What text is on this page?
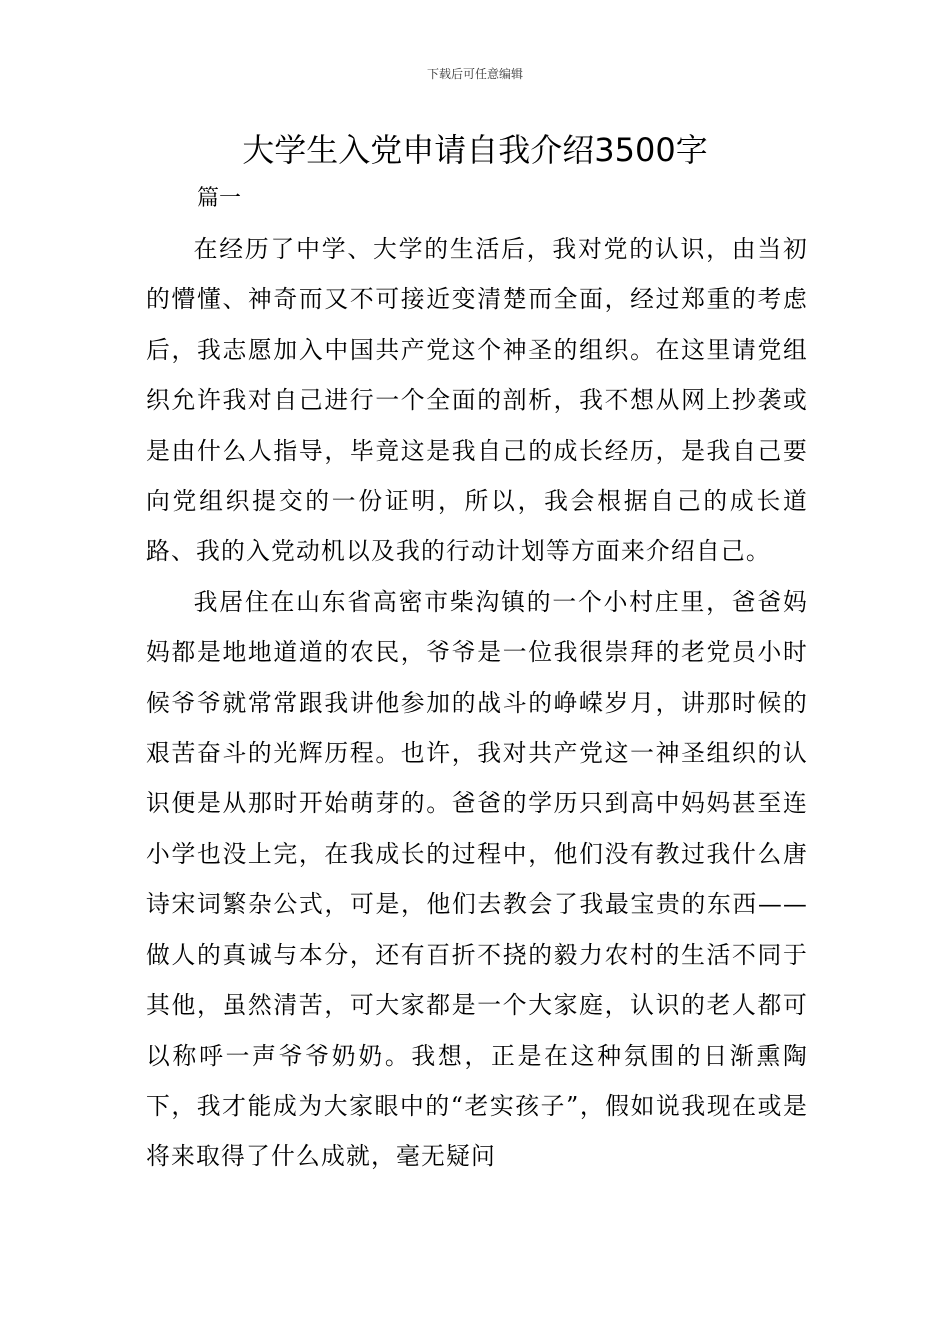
下载后可任意编辑
大学生入党申请自我介绍3500字
篇一

在经历了中学、大学的生活后，我对党的认识，由当初的懵懂、神奇而又不可接近变清楚而全面，经过郑重的考虑后，我志愿加入中国共产党这个神圣的组织。在这里请党组织允许我对自己进行一个全面的剖析，我不想从网上抄袭或是由什么人指导，毕竟这是我自己的成长经历，是我自己要向党组织提交的一份证明，所以，我会根据自己的成长道路、我的入党动机以及我的行动计划等方面来介绍自己。

我居住在山东省高密市柴沟镇的一个小村庄里，爸爸妈妈都是地地道道的农民，爷爷是一位我很崇拜的老党员小时候爷爷就常常跟我讲他参加的战斗的峥嵘岁月，讲那时候的艰苦奋斗的光辉历程。也许，我对共产党这一神圣组织的认识便是从那时开始萌芽的。爸爸的学历只到高中妈妈甚至连小学也没上完，在我成长的过程中，他们没有教过我什么唐诗宋词繁杂公式，可是，他们去教会了我最宝贵的东西——做人的真诚与本分，还有百折不挠的毅力农村的生活不同于其他，虽然清苦，可大家都是一个大家庭，认识的老人都可以称呼一声爷爷奶奶。我想，正是在这种氛围的日渐熏陶下，我才能成为大家眼中的“老实孩子”，假如说我现在或是将来取得了什么成就，毫无疑问
